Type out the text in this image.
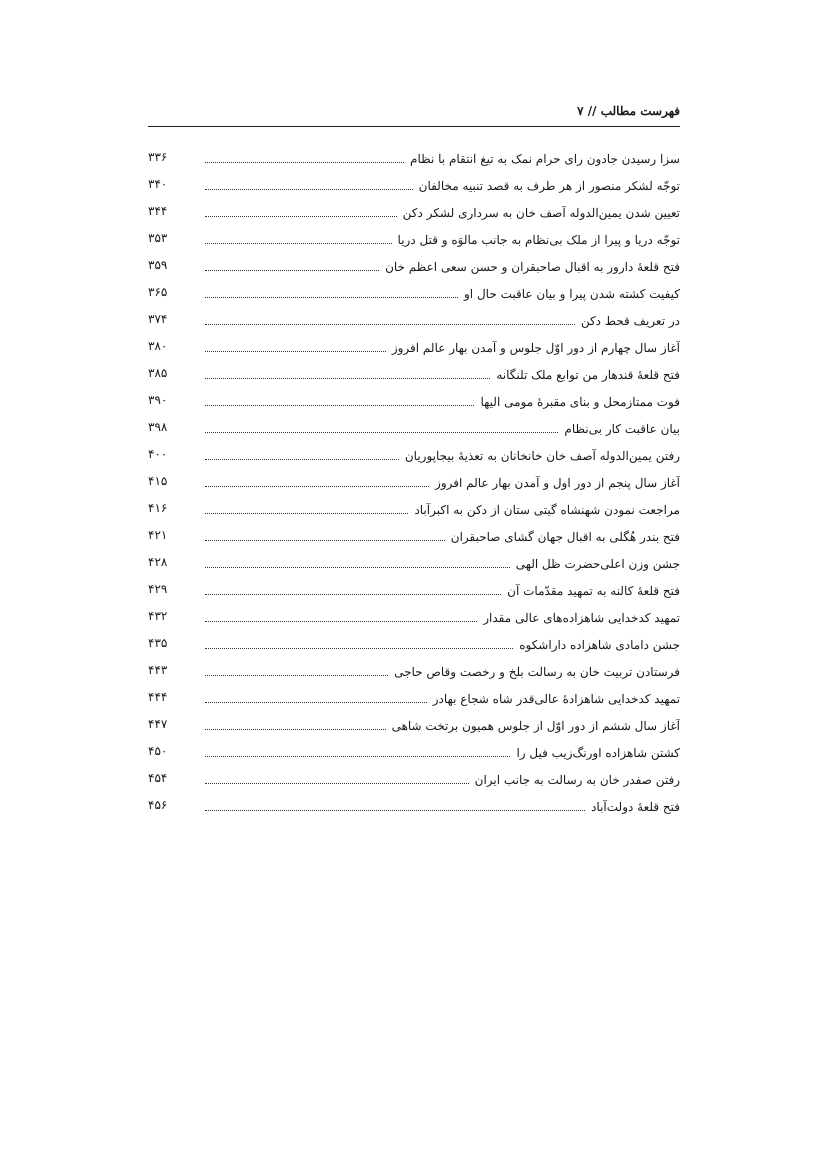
فهرست مطالب // ۷
سزا رسیدن جادون رای حرام نمک به تیغ انتقام با نظام
۳۳۶
توجّه لشکر منصور از هر طرف به قصد تنبیه مخالفان
۳۴۰
تعیین شدن یمین‌الدوله آصف خان به سرداری لشکر دکن
۳۴۴
توجّه دریا و پیرا از ملک بی‌نظام به جانب مالوَه و قتل دریا
۳۵۳
فتح قلعهٔ دارور به اقبال صاحبقران و حسن سعی اعظم خان
۳۵۹
کیفیت کشته شدن پیرا و بیان عاقبت حال او
۳۶۵
در تعریف قحط دکن
۳۷۴
آغاز سال چهارم از دور اوّل جلوس و آمدن بهار عالم افروز
۳۸۰
فتح قلعهٔ قندهار من توابع ملک تلنگانه
۳۸۵
فوت ممتازمحل و بنای مقبرهٔ مومی الیها
۳۹۰
بیان عاقبت کار بی‌نظام
۳۹۸
رفتن یمین‌الدوله آصف خان خانخانان به تعذیهٔ بیجاپوریان
۴۰۰
آغاز سال پنجم از دور اول و آمدن بهار عالم افروز
۴۱۵
مراجعت نمودن شهنشاه گیتی ستان از دکن به اکبرآباد
۴۱۶
فتح بندر هُگلی به اقبال جهان گشای صاحبقران
۴۲۱
جشن وزن اعلی‌حضرت ظل الهی
۴۲۸
فتح قلعهٔ کالنه به تمهید مقدّمات آن
۴۲۹
تمهید کدخدایی شاهزاده‌های عالی مقدار
۴۳۲
جشن دامادی شاهزاده داراشکوه
۴۳۵
فرستادن تربیت خان به رسالت بلخ و رخصت وقاص حاجی
۴۴۳
تمهید کدخدایی شاهزادهٔ عالی‌قدر شاه شجاع بهادر
۴۴۴
آغاز سال ششم از دور اوّل از جلوس همیون برتخت شاهی
۴۴۷
کشتن شاهزاده اورنگ‌زیب فیل را
۴۵۰
رفتن صفدر خان به رسالت به جانب ایران
۴۵۴
فتح قلعهٔ دولت‌آباد
۴۵۶
